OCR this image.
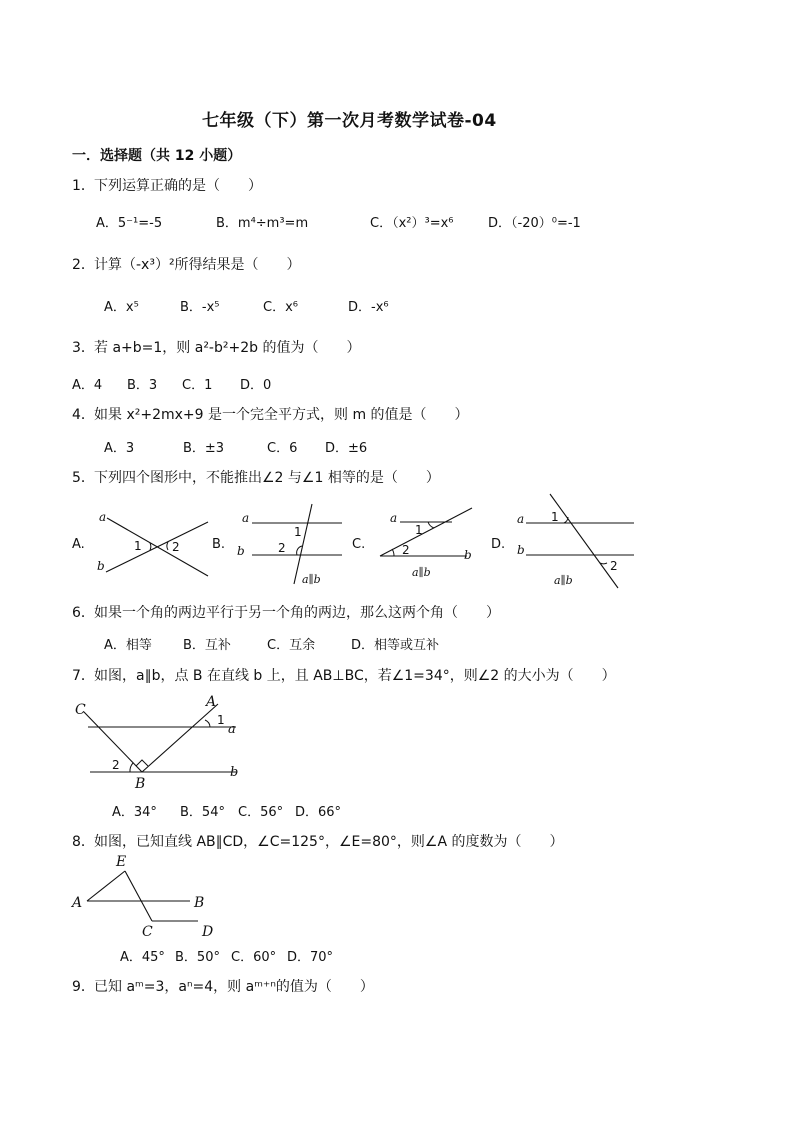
七年级（下）第一次月考数学试卷-04
一．选择题（共 12 小题）
1．下列运算正确的是（　　）
A．5⁻¹=-5	B．m⁴÷m³=m	C．（x²）³=x⁶	D．（-20）⁰=-1
2．计算（-x³）²所得结果是（　　）
A．x⁵	B．-x⁵	C．x⁶	D．-x⁶
3．若 a+b=1，则 a²-b²+2b 的值为（　　）
A．4 B．3 C．1 D．0
4．如果 x²+2mx+9 是一个完全平方式，则 m 的值是（　　）
A．3	B．±3	C．6 D．±6
5．下列四个图形中，不能推出∠2 与∠1 相等的是（　　）
A.	B.	C.	D.
a
b
1	2
a
b
1
2
a∥b
a
b
1
2
a∥b
a
b
1
2
a∥b
6．如果一个角的两边平行于另一个角的两边，那么这两个角（　　）
A．相等 B．互补	C．互余	D．相等或互补
7．如图，a∥b，点 B 在直线 b 上，且 AB⊥BC，若∠1=34°，则∠2 的大小为（　　）
C	A
B
a
b
1
2
A．34° B．54° C．56° D．66°
8．如图，已知直线 AB∥CD，∠C=125°，∠E=80°，则∠A 的度数为（　　）
E
A	B
C	D
A．45° B．50° C．60° D．70°
9．已知 aᵐ=3，aⁿ=4，则 aᵐ⁺ⁿ的值为（　　）
